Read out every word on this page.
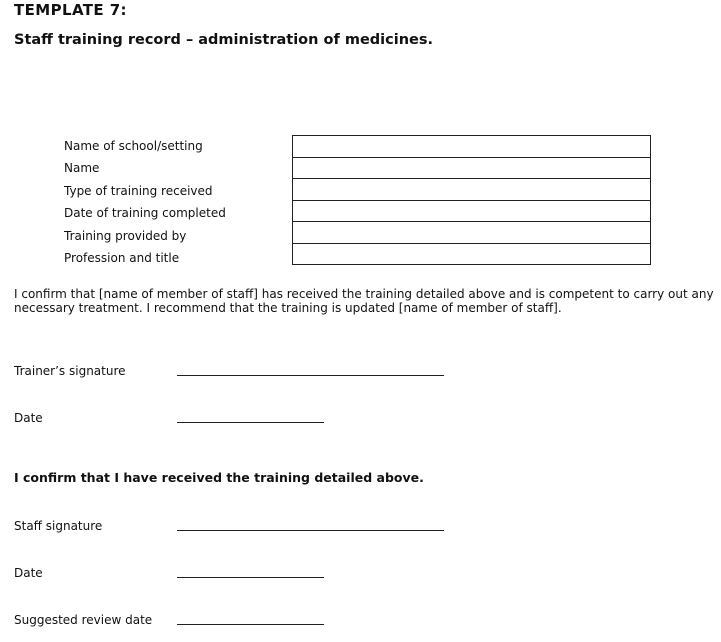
TEMPLATE 7:
Staff training record – administration of medicines.
Name of school/setting
Name
Type of training received
Date of training completed
Training provided by
Profession and title

I confirm that [name of member of staff] has received the training detailed above and is competent to carry out any necessary treatment. I recommend that the training is updated [name of member of staff].
Trainer’s signature
Date
I confirm that I have received the training detailed above.
Staff signature
Date
Suggested review date
